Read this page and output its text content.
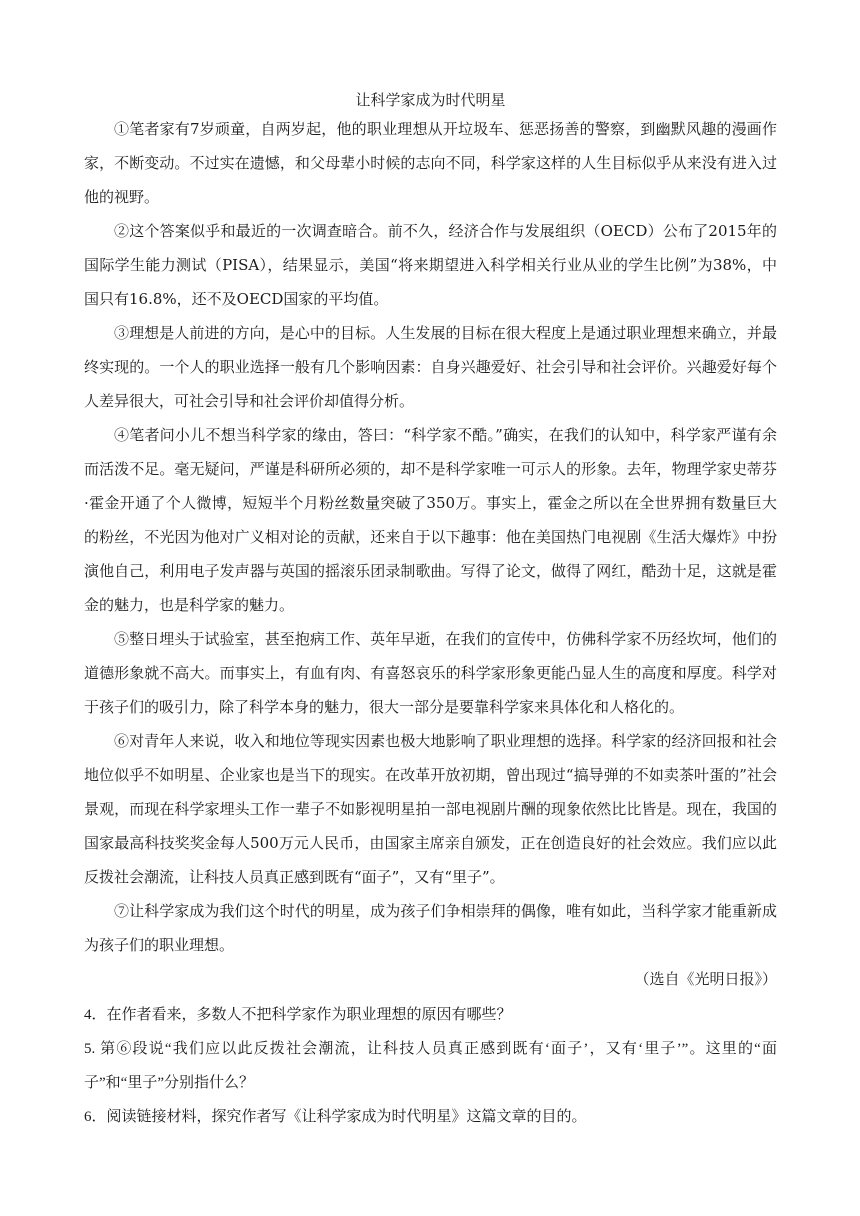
让科学家成为时代明星

①笔者家有7岁顽童，自两岁起，他的职业理想从开垃圾车、惩恶扬善的警察，到幽默风趣的漫画作家，不断变动。不过实在遗憾，和父母辈小时候的志向不同，科学家这样的人生目标似乎从来没有进入过他的视野。

②这个答案似乎和最近的一次调查暗合。前不久，经济合作与发展组织（OECD）公布了2015年的国际学生能力测试（PISA），结果显示，美国“将来期望进入科学相关行业从业的学生比例”为38%，中国只有16.8%，还不及OECD国家的平均值。

③理想是人前进的方向，是心中的目标。人生发展的目标在很大程度上是通过职业理想来确立，并最终实现的。一个人的职业选择一般有几个影响因素：自身兴趣爱好、社会引导和社会评价。兴趣爱好每个人差异很大，可社会引导和社会评价却值得分析。

④笔者问小儿不想当科学家的缘由，答曰：“科学家不酷。”确实，在我们的认知中，科学家严谨有余而活泼不足。毫无疑问，严谨是科研所必须的，却不是科学家唯一可示人的形象。去年，物理学家史蒂芬·霍金开通了个人微博，短短半个月粉丝数量突破了350万。事实上，霍金之所以在全世界拥有数量巨大的粉丝，不光因为他对广义相对论的贡献，还来自于以下趣事：他在美国热门电视剧《生活大爆炸》中扮演他自己，利用电子发声器与英国的摇滚乐团录制歌曲。写得了论文，做得了网红，酷劲十足，这就是霍金的魅力，也是科学家的魅力。

⑤整日埋头于试验室，甚至抱病工作、英年早逝，在我们的宣传中，仿佛科学家不历经坎坷，他们的道德形象就不高大。而事实上，有血有肉、有喜怒哀乐的科学家形象更能凸显人生的高度和厚度。科学对于孩子们的吸引力，除了科学本身的魅力，很大一部分是要靠科学家来具体化和人格化的。

⑥对青年人来说，收入和地位等现实因素也极大地影响了职业理想的选择。科学家的经济回报和社会地位似乎不如明星、企业家也是当下的现实。在改革开放初期，曾出现过“搞导弹的不如卖茶叶蛋的”社会景观，而现在科学家埋头工作一辈子不如影视明星拍一部电视剧片酬的现象依然比比皆是。现在，我国的国家最高科技奖奖金每人500万元人民币，由国家主席亲自颁发，正在创造良好的社会效应。我们应以此反拨社会潮流，让科技人员真正感到既有“面子”，又有“里子”。

⑦让科学家成为我们这个时代的明星，成为孩子们争相崇拜的偶像，唯有如此，当科学家才能重新成为孩子们的职业理想。

（选自《光明日报》）

4．在作者看来，多数人不把科学家作为职业理想的原因有哪些？

5. 第⑥段说“我们应以此反拨社会潮流，让科技人员真正感到既有‘面子’，又有‘里子’”。这里的“面子”和“里子”分别指什么？

6．阅读链接材料，探究作者写《让科学家成为时代明星》这篇文章的目的。
